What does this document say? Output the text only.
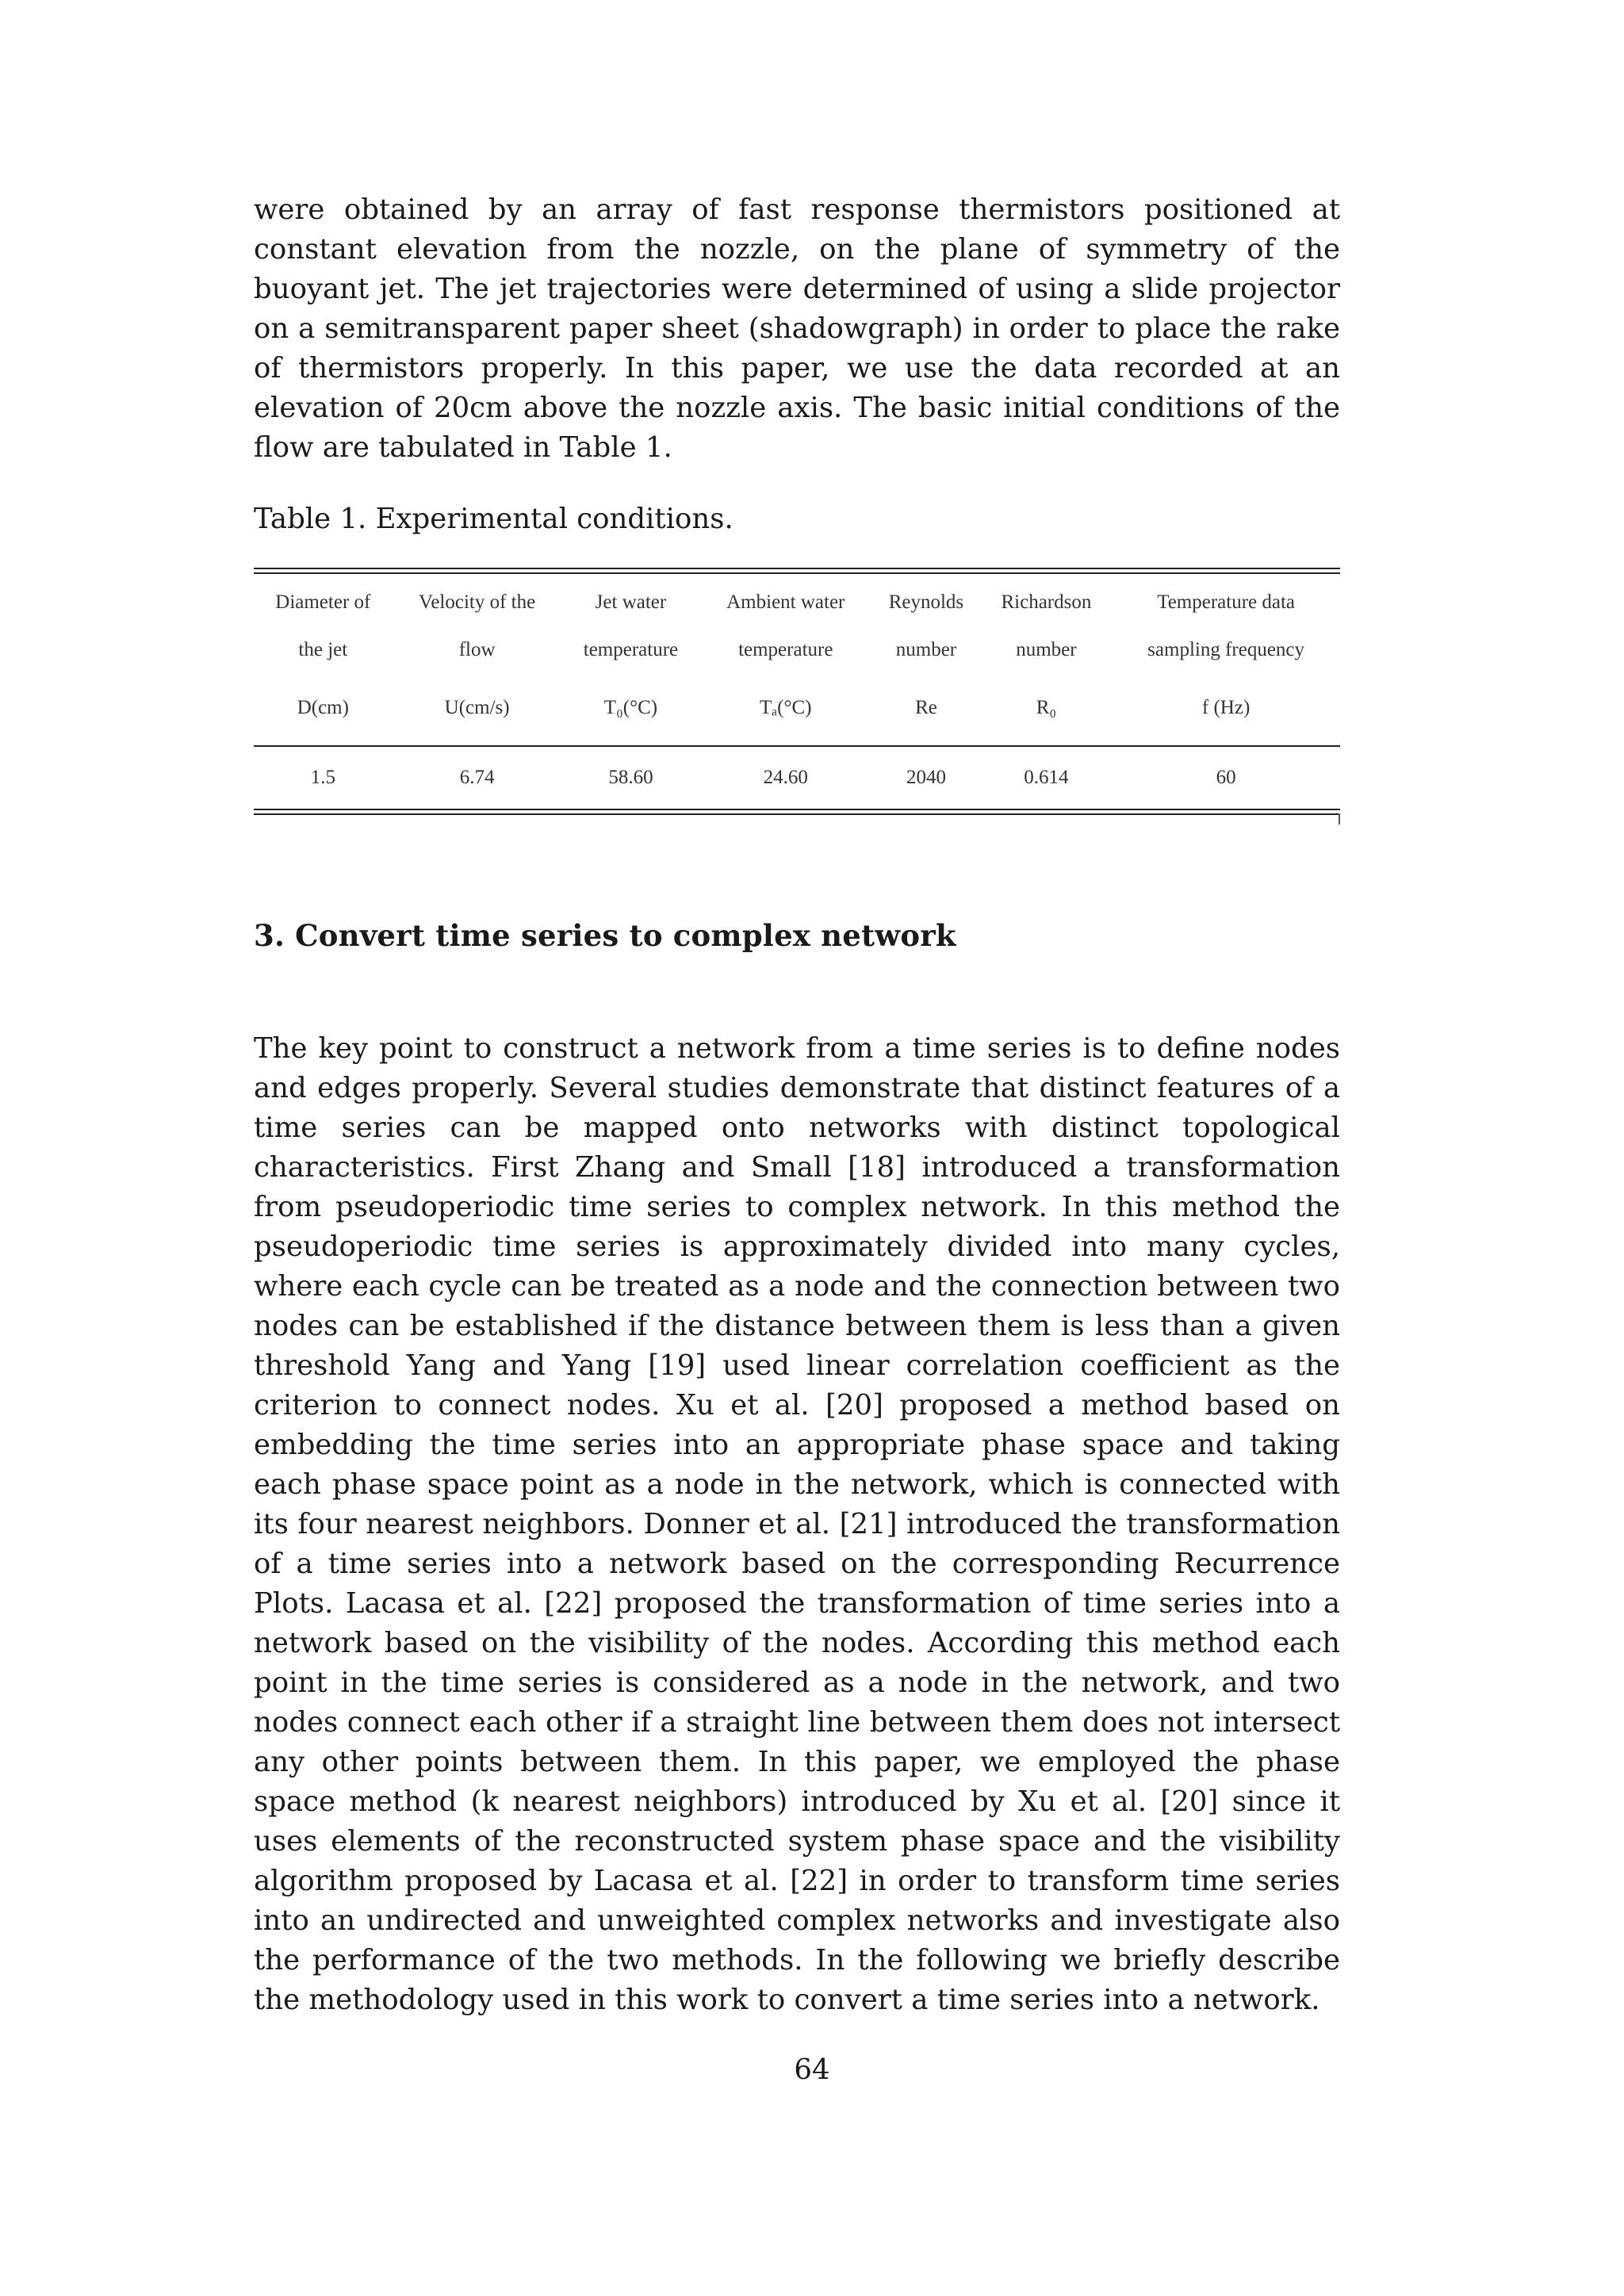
were obtained by an array of fast response thermistors positioned at constant elevation from the nozzle, on the plane of symmetry of the buoyant jet. The jet trajectories were determined of using a slide projector on a semitransparent paper sheet (shadowgraph) in order to place the rake of thermistors properly. In this paper, we use the data recorded at an elevation of 20cm above the nozzle axis. The basic initial conditions of the flow are tabulated in Table 1.

Table 1. Experimental conditions.

Diameter of	Velocity of the	Jet water	Ambient water	Reynolds	Richardson	Temperature data
the jet	flow	temperature	temperature	number	number	sampling frequency
D(cm)	U(cm/s)	T₀(°C)	Tₐ(°C)	Re	R₀	f (Hz)
1.5	6.74	58.60	24.60	2040	0.614	60
3. Convert time series to complex network

The key point to construct a network from a time series is to define nodes and edges properly. Several studies demonstrate that distinct features of a time series can be mapped onto networks with distinct topological characteristics. First Zhang and Small [18] introduced a transformation from pseudoperiodic time series to complex network. In this method the pseudoperiodic time series is approximately divided into many cycles, where each cycle can be treated as a node and the connection between two nodes can be established if the distance between them is less than a given threshold Yang and Yang [19] used linear correlation coefficient as the criterion to connect nodes. Xu et al. [20] proposed a method based on embedding the time series into an appropriate phase space and taking each phase space point as a node in the network, which is connected with its four nearest neighbors. Donner et al. [21] introduced the transformation of a time series into a network based on the corresponding Recurrence Plots. Lacasa et al. [22] proposed the transformation of time series into a network based on the visibility of the nodes. According this method each point in the time series is considered as a node in the network, and two nodes connect each other if a straight line between them does not intersect any other points between them. In this paper, we employed the phase space method (k nearest neighbors) introduced by Xu et al. [20] since it uses elements of the reconstructed system phase space and the visibility algorithm proposed by Lacasa et al. [22] in order to transform time series into an undirected and unweighted complex networks and investigate also the performance of the two methods. In the following we briefly describe the methodology used in this work to convert a time series into a network.

64
